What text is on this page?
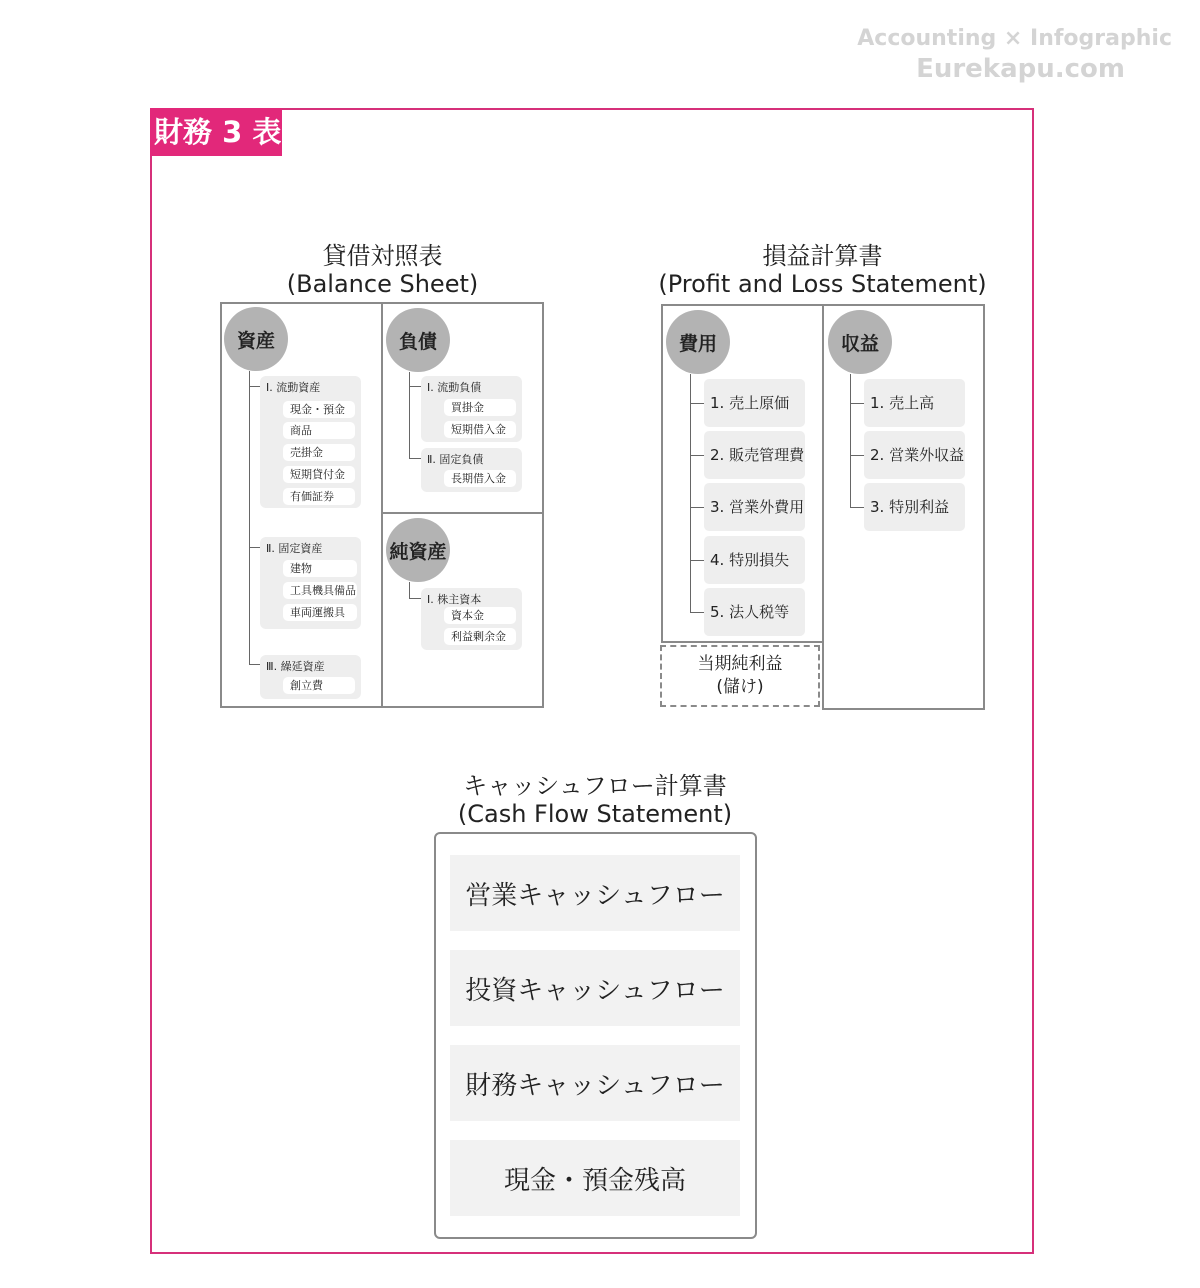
Accounting × Infographic
Eurekapu.com
財務 3 表
貸借対照表
(Balance Sheet)
資産
Ⅰ. 流動資産
現金・預金
商品
売掛金
短期貸付金
有価証券
Ⅱ. 固定資産
建物
工具機具備品
車両運搬具
Ⅲ. 繰延資産
創立費
負債
Ⅰ. 流動負債
買掛金
短期借入金
Ⅱ. 固定負債
長期借入金
純資産
Ⅰ. 株主資本
資本金
利益剰余金
損益計算書
(Profit and Loss Statement)
費用
1. 売上原価
2. 販売管理費
3. 営業外費用
4. 特別損失
5. 法人税等
当期純利益
(儲け)
収益
1. 売上高
2. 営業外収益
3. 特別利益
キャッシュフロー計算書
(Cash Flow Statement)
営業キャッシュフロー
投資キャッシュフロー
財務キャッシュフロー
現金・預金残高
